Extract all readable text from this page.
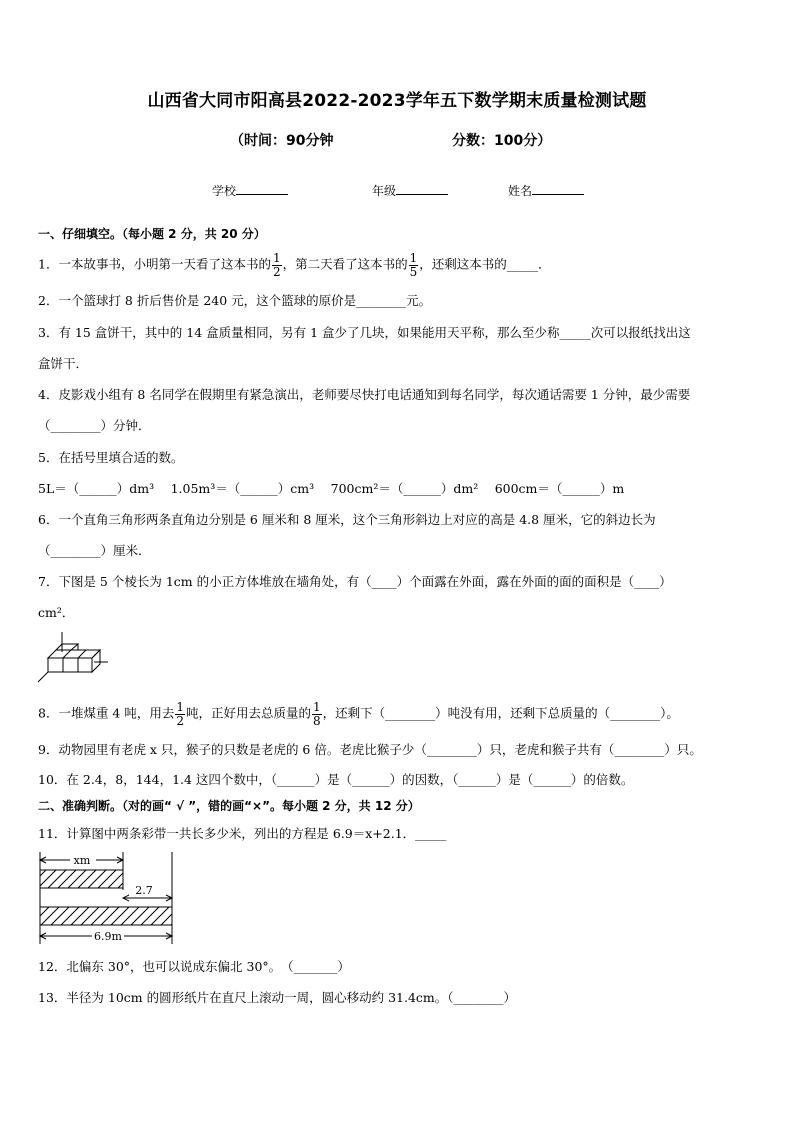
山西省大同市阳高县2022-2023学年五下数学期末质量检测试题
（时间：90分钟	分数：100分）
学校	年级	姓名
一、仔细填空。（每小题 2 分，共 20 分）
1．一本故事书，小明第一天看了这本书的 $\frac{1}{2}$ ，第二天看了这本书的 $\frac{1}{5}$ ，还剩这本书的_____．
2．一个篮球打 8 折后售价是 240 元，这个篮球的原价是________元。
3．有 15 盒饼干，其中的 14 盒质量相同，另有 1 盒少了几块，如果能用天平称，那么至少称_____次可以报纸找出这
盒饼干．
4．皮影戏小组有 8 名同学在假期里有紧急演出，老师要尽快打电话通知到每名同学，每次通话需要 1 分钟，最少需要
（________）分钟．
5．在括号里填合适的数。
5L＝（______）dm³　 1.05m³＝（______）cm³　 700cm²＝（______）dm²　 600cm＝（______）m
6．一个直角三角形两条直角边分别是 6 厘米和 8 厘米，这个三角形斜边上对应的高是 4.8 厘米，它的斜边长为
（________）厘米．
7．下图是 5 个棱长为 1cm 的小正方体堆放在墙角处，有（____）个面露在外面，露在外面的面的面积是（____）
cm²．
8．一堆煤重 4 吨，用去 $\frac{1}{2}$ 吨，正好用去总质量的 $\frac{1}{8}$ ，还剩下（________）吨没有用，还剩下总质量的（________）。
9．动物园里有老虎 x 只，猴子的只数是老虎的 6 倍。老虎比猴子少（________）只，老虎和猴子共有（________）只。
10．在 2.4，8，144，1.4 这四个数中，（______）是（______）的因数，（______）是（______）的倍数。
二、准确判断。（对的画“ √ ”，错的画“×”。每小题 2 分，共 12 分）
11．计算图中两条彩带一共长多少米，列出的方程是 6.9＝x+2.1．_____
xm
2.7
6.9m
12．北偏东 30°，也可以说成东偏北 30°。　（_______）
13．半径为 10cm 的圆形纸片在直尺上滚动一周，圆心移动约 31.4cm。（________）
